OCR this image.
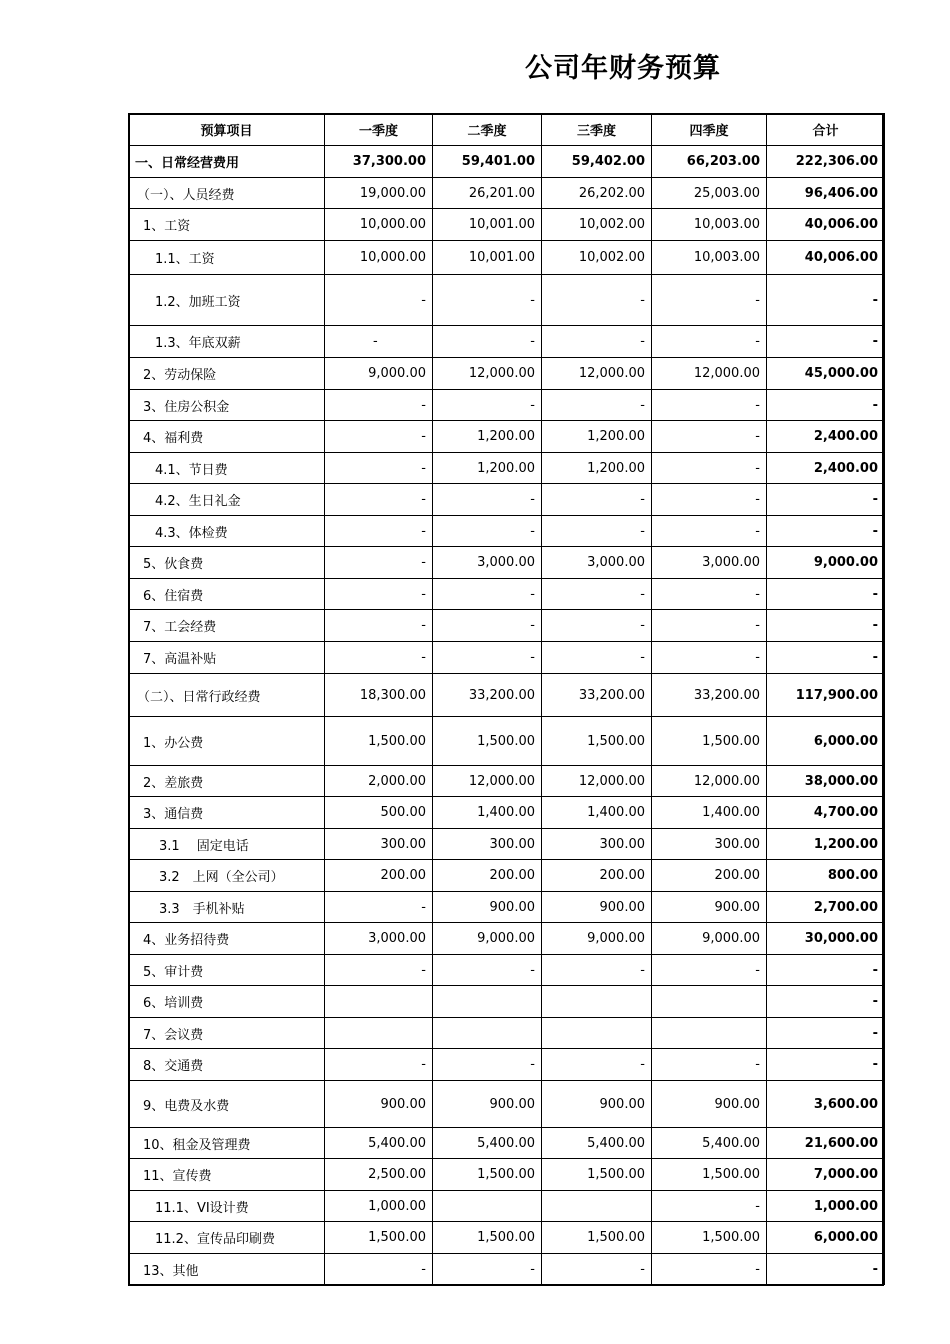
公司年财务预算
预算项目	一季度	二季度	三季度	四季度	合计
一、日常经营费用	37,300.00	59,401.00	59,402.00	66,203.00	222,306.00
（一）、人员经费	19,000.00	26,201.00	26,202.00	25,003.00	96,406.00
1、工资	10,000.00	10,001.00	10,002.00	10,003.00	40,006.00
1.1、工资	10,000.00	10,001.00	10,002.00	10,003.00	40,006.00
1.2、加班工资	-	-	-	-	-
1.3、年底双薪	-	-	-	-	-
2、劳动保险	9,000.00	12,000.00	12,000.00	12,000.00	45,000.00
3、住房公积金	-	-	-	-	-
4、福利费	-	1,200.00	1,200.00	-	2,400.00
4.1、节日费	-	1,200.00	1,200.00	-	2,400.00
4.2、生日礼金	-	-	-	-	-
4.3、体检费	-	-	-	-	-
5、伙食费	-	3,000.00	3,000.00	3,000.00	9,000.00
6、住宿费	-	-	-	-	-
7、工会经费	-	-	-	-	-
7、高温补贴	-	-	-	-	-
（二）、日常行政经费	18,300.00	33,200.00	33,200.00	33,200.00	117,900.00
1、办公费	1,500.00	1,500.00	1,500.00	1,500.00	6,000.00
2、差旅费	2,000.00	12,000.00	12,000.00	12,000.00	38,000.00
3、通信费	500.00	1,400.00	1,400.00	1,400.00	4,700.00
3.1　 固定电话	300.00	300.00	300.00	300.00	1,200.00
3.2　上网（全公司）	200.00	200.00	200.00	200.00	800.00
3.3　手机补贴	-	900.00	900.00	900.00	2,700.00
4、业务招待费	3,000.00	9,000.00	9,000.00	9,000.00	30,000.00
5、审计费	-	-	-	-	-
6、培训费					-
7、会议费					-
8、交通费	-	-	-	-	-
9、电费及水费	900.00	900.00	900.00	900.00	3,600.00
10、租金及管理费	5,400.00	5,400.00	5,400.00	5,400.00	21,600.00
11、宣传费	2,500.00	1,500.00	1,500.00	1,500.00	7,000.00
11.1、VI设计费	1,000.00			-	1,000.00
11.2、宣传品印刷费	1,500.00	1,500.00	1,500.00	1,500.00	6,000.00
13、其他	-	-	-	-	-
